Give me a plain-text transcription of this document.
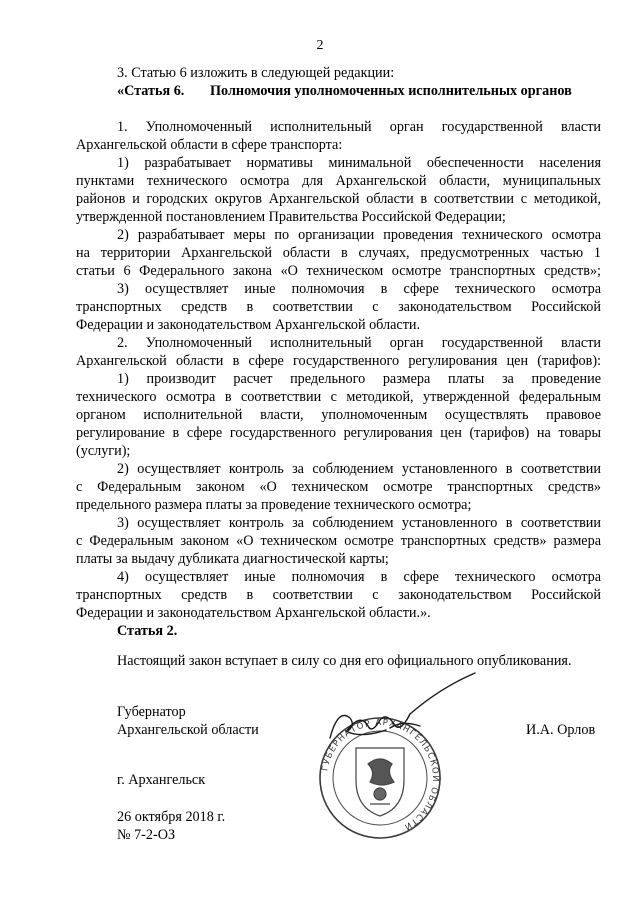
2
3. Статью 6 изложить в следующей редакции:
«Статья 6. Полномочия уполномоченных исполнительных органов
1. Уполномоченный исполнительный орган государственной власти
Архангельской области в сфере транспорта:
1) разрабатывает нормативы минимальной обеспеченности населения
пунктами технического осмотра для Архангельской области, муниципальных
районов и городских округов Архангельской области в соответствии с методикой,
утвержденной постановлением Правительства Российской Федерации;
2) разрабатывает меры по организации проведения технического осмотра
на территории Архангельской области в случаях, предусмотренных частью 1
статьи 6 Федерального закона «О техническом осмотре транспортных средств»;
3) осуществляет иные полномочия в сфере технического осмотра
транспортных средств в соответствии с законодательством Российской
Федерации и законодательством Архангельской области.
2. Уполномоченный исполнительный орган государственной власти
Архангельской области в сфере государственного регулирования цен (тарифов):
1) производит расчет предельного размера платы за проведение
технического осмотра в соответствии с методикой, утвержденной федеральным
органом исполнительной власти, уполномоченным осуществлять правовое
регулирование в сфере государственного регулирования цен (тарифов) на товары
(услуги);
2) осуществляет контроль за соблюдением установленного в соответствии
с Федеральным законом «О техническом осмотре транспортных средств»
предельного размера платы за проведение технического осмотра;
3) осуществляет контроль за соблюдением установленного в соответствии
с Федеральным законом «О техническом осмотре транспортных средств» размера
платы за выдачу дубликата диагностической карты;
4) осуществляет иные полномочия в сфере технического осмотра
транспортных средств в соответствии с законодательством Российской
Федерации и законодательством Архангельской области.».
Статья 2.
Настоящий закон вступает в силу со дня его официального опубликования.
Губернатор
Архангельской области	И.А. Орлов
ГУБЕРНАТОР АРХАНГЕЛЬСКОЙ ОБЛАСТИ
г. Архангельск
26 октября 2018 г.
№ 7-2-ОЗ
